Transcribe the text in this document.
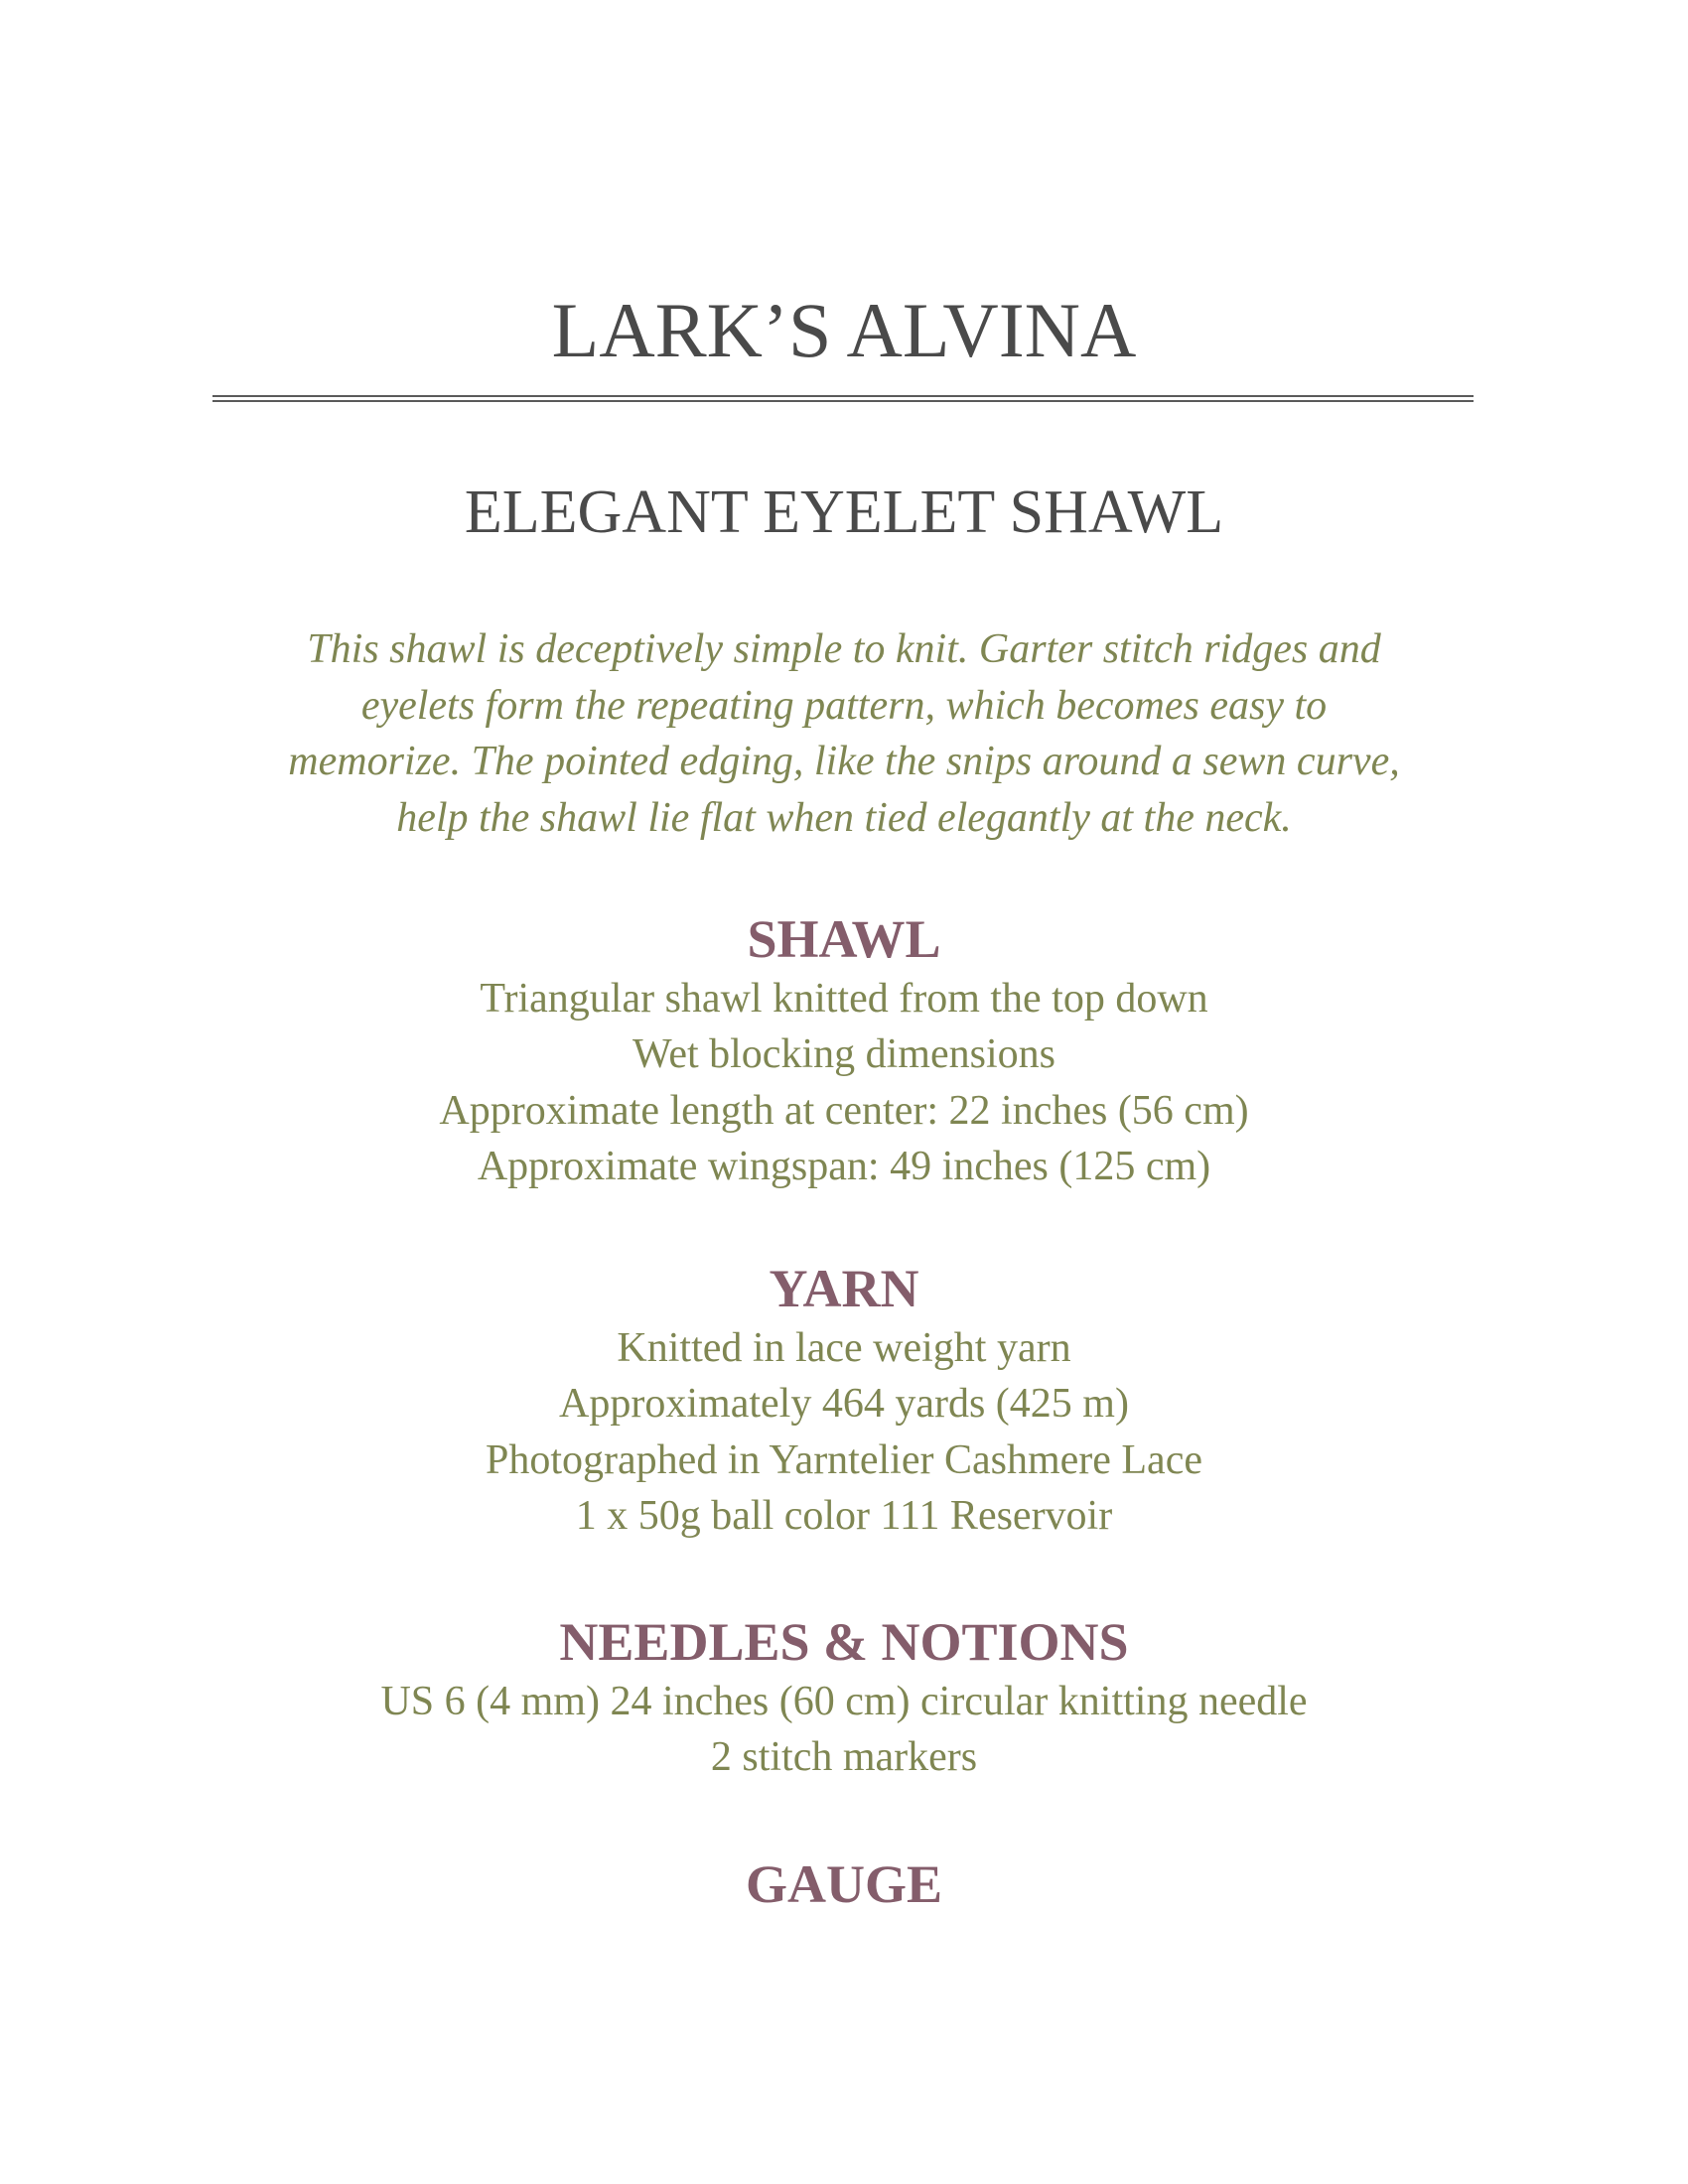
LARK’S ALVINA
ELEGANT EYELET SHAWL

This shawl is deceptively simple to knit. Garter stitch ridges and
eyelets form the repeating pattern, which becomes easy to
memorize. The pointed edging, like the snips around a sewn curve,
help the shawl lie flat when tied elegantly at the neck.

SHAWL
Triangular shawl knitted from the top down
Wet blocking dimensions
Approximate length at center: 22 inches (56 cm)
Approximate wingspan: 49 inches (125 cm)
YARN
Knitted in lace weight yarn
Approximately 464 yards (425 m)
Photographed in Yarntelier Cashmere Lace
1 x 50g ball color 111 Reservoir
NEEDLES & NOTIONS
US 6 (4 mm) 24 inches (60 cm) circular knitting needle
2 stitch markers
GAUGE
